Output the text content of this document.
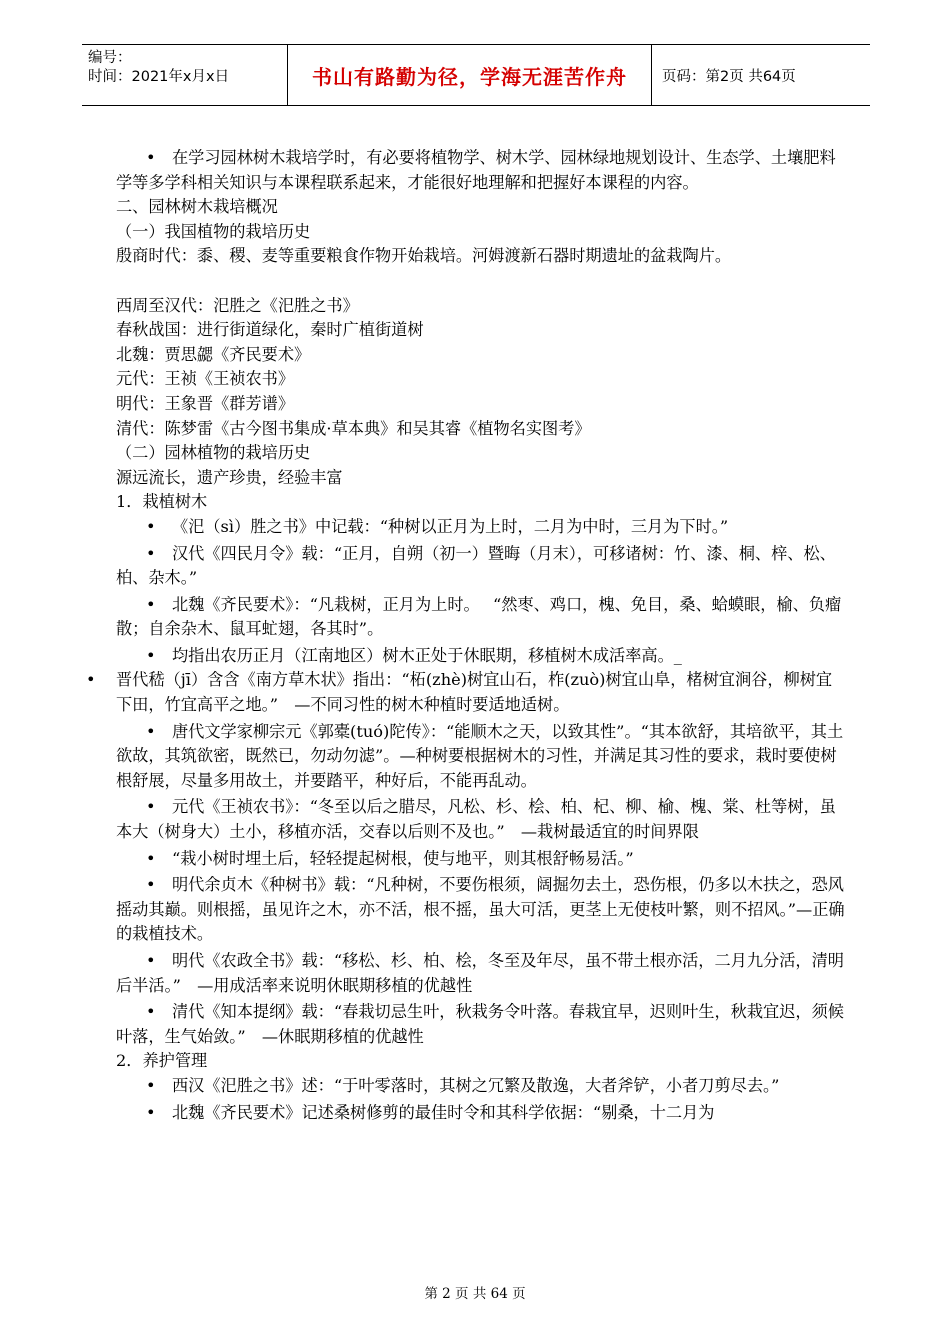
编号：
时间：2021年x月x日	书山有路勤为径，学海无涯苦作舟	页码：第2页 共64页

• 在学习园林树木栽培学时，有必要将植物学、树木学、园林绿地规划设计、生态学、土壤肥料学等多学科相关知识与本课程联系起来，才能很好地理解和把握好本课程的内容。

二、园林树木栽培概况

（一）我国植物的栽培历史

殷商时代：黍、稷、麦等重要粮食作物开始栽培。河姆渡新石器时期遗址的盆栽陶片。

西周至汉代：汜胜之《汜胜之书》

春秋战国：进行街道绿化，秦时广植街道树

北魏：贾思勰《齐民要术》

元代：王祯《王祯农书》

明代：王象晋《群芳谱》

清代：陈梦雷《古今图书集成·草本典》和吴其睿《植物名实图考》

（二）园林植物的栽培历史

源远流长，遗产珍贵，经验丰富

1．栽植树木

• 《汜（sì）胜之书》中记载：“种树以正月为上时，二月为中时，三月为下时。”

• 汉代《四民月令》载：“正月，自朔（初一）暨晦（月末），可移诸树：竹、漆、桐、梓、松、柏、杂木。”

• 北魏《齐民要术》：“凡栽树，正月为上时。　 “然枣、鸡口，槐、免目，桑、蛤蟆眼，榆、负瘤散；自余杂木、鼠耳虻翅，各其时”。

• 均指出农历正月（江南地区）树木正处于休眠期，移植树木成活率高。_

• 晋代嵇（jī）含含《南方草木状》指出：“柘(zhè)树宜山石，柞(zuò)树宜山阜，楮树宜涧谷，柳树宜下田，竹宜高平之地。”　—不同习性的树木种植时要适地适树。

• 唐代文学家柳宗元《郭橐(tuó)陀传》：“能顺木之天，以致其性”。“其本欲舒，其培欲平，其土欲故，其筑欲密，既然已，勿动勿滤”。—种树要根据树木的习性，并满足其习性的要求，栽时要使树根舒展，尽量多用故土，并要踏平，种好后，不能再乱动。

• 元代《王祯农书》：“冬至以后之腊尽，凡松、杉、桧、柏、杞、柳、榆、槐、棠、杜等树，虽本大（树身大）土小，移植亦活，交春以后则不及也。”　—栽树最适宜的时间界限

• “栽小树时埋土后，轻轻提起树根，使与地平，则其根舒畅易活。”

• 明代余贞木《种树书》载：“凡种树，不要伤根须，阔掘勿去土，恐伤根，仍多以木扶之，恐风摇动其巅。则根摇，虽见许之木，亦不活，根不摇，虽大可活，更茎上无使枝叶繁，则不招风。”—正确的栽植技术。

• 明代《农政全书》载：“移松、杉、柏、桧，冬至及年尽，虽不带土根亦活，二月九分活，清明后半活。”　—用成活率来说明休眠期移植的优越性

• 清代《知本提纲》载：“春栽切忌生叶，秋栽务令叶落。春栽宜早，迟则叶生，秋栽宜迟，须候叶落，生气始敛。”　—休眠期移植的优越性

2．养护管理

• 西汉《汜胜之书》述：“于叶零落时，其树之冗繁及散逸，大者斧铲，小者刀剪尽去。”

• 北魏《齐民要术》记述桑树修剪的最佳时令和其科学依据：“剔桑，十二月为

第 2 页 共 64 页
